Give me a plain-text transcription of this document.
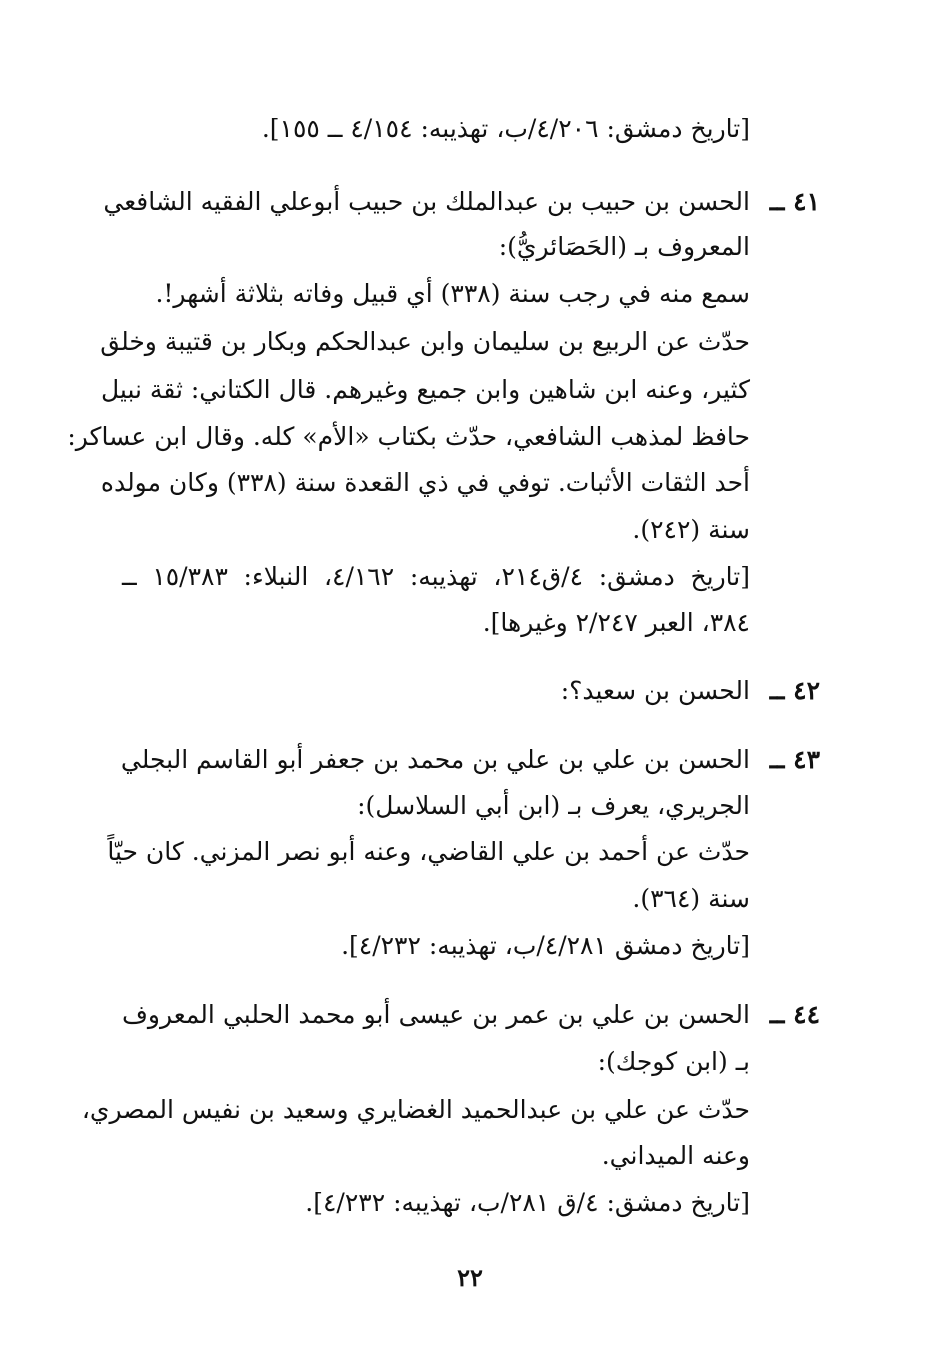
[تاريخ دمشق: ٤/٢٠٦/ب، تهذيبه: ٤/١٥٤ ــ ١٥٥].
٤١ ــ
الحسن بن حبيب بن عبدالملك بن حبيب أبوعلي الفقيه الشافعي
المعروف بـ (الحَصَائريُّ):
سمع منه في رجب سنة (٣٣٨) أي قبيل وفاته بثلاثة أشهر!.
حدّث عن الربيع بن سليمان وابن عبدالحكم وبكار بن قتيبة وخلق
كثير، وعنه ابن شاهين وابن جميع وغيرهم. قال الكتاني: ثقة نبيل
حافظ لمذهب الشافعي، حدّث بكتاب «الأم» كله. وقال ابن عساكر:
أحد الثقات الأثبات. توفي في ذي القعدة سنة (٣٣٨) وكان مولده
سنة (٢٤٢).
[تاريخ دمشق: ٤/ق٢١٤، تهذيبه: ٤/١٦٢، النبلاء: ١٥/٣٨٣ ــ
٣٨٤، العبر ٢/٢٤٧ وغيرها].
٤٢ ــ
الحسن بن سعيد؟:
٤٣ ــ
الحسن بن علي بن علي بن محمد بن جعفر أبو القاسم البجلي
الجريري، يعرف بـ (ابن أبي السلاسل):
حدّث عن أحمد بن علي القاضي، وعنه أبو نصر المزني. كان حيّاً
سنة (٣٦٤).
[تاريخ دمشق ٤/٢٨١/ب، تهذيبه: ٤/٢٣٢].
٤٤ ــ
الحسن بن علي بن عمر بن عيسى أبو محمد الحلبي المعروف
بـ (ابن كوجك):
حدّث عن علي بن عبدالحميد الغضايري وسعيد بن نفيس المصري،
وعنه الميداني.
[تاريخ دمشق: ٤/ق ٢٨١/ب، تهذيبه: ٤/٢٣٢].
٢٢
